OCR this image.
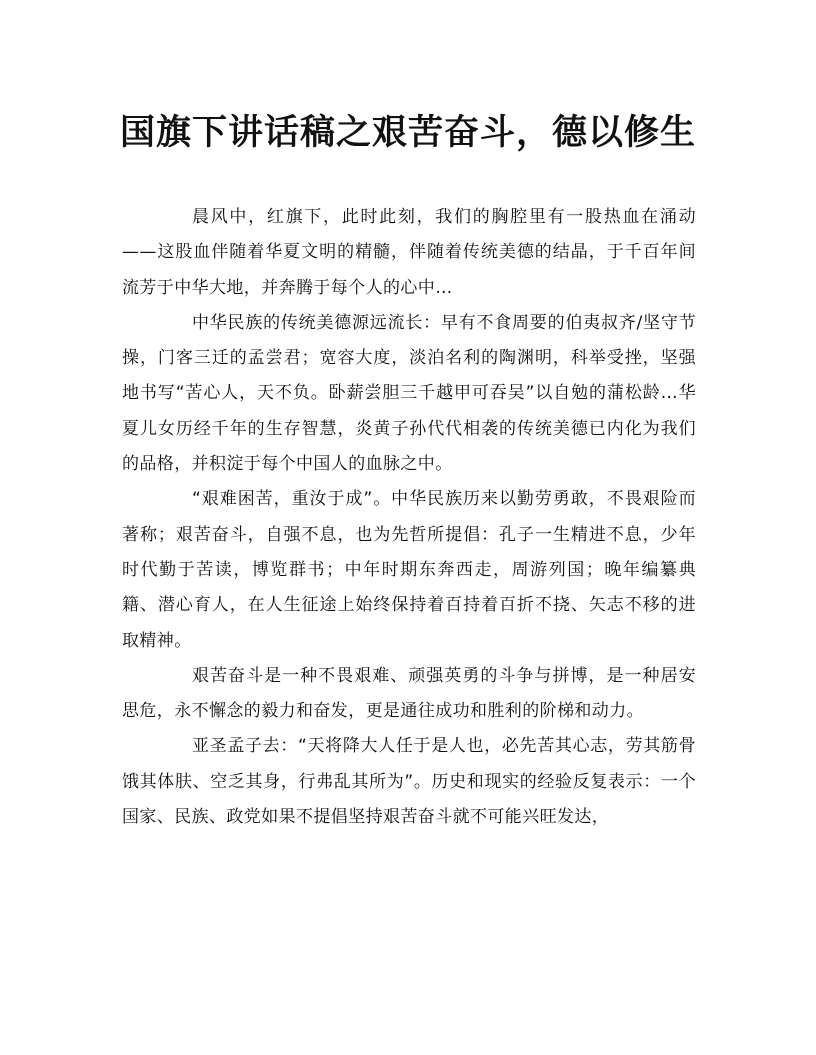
国旗下讲话稿之艰苦奋斗，德以修生

晨风中，红旗下，此时此刻，我们的胸腔里有一股热血在涌动——这股血伴随着华夏文明的精髓，伴随着传统美德的结晶，于千百年间流芳于中华大地，并奔腾于每个人的心中…

中华民族的传统美德源远流长：早有不食周要的伯夷叔齐/坚守节操，门客三迁的孟尝君；宽容大度，淡泊名利的陶渊明，科举受挫，坚强地书写“苦心人，天不负。卧薪尝胆三千越甲可吞吴”以自勉的蒲松龄…华夏儿女历经千年的生存智慧，炎黄子孙代代相袭的传统美德已内化为我们的品格，并积淀于每个中国人的血脉之中。

“艰难困苦，重汝于成”。中华民族历来以勤劳勇敢，不畏艰险而著称；艰苦奋斗，自强不息，也为先哲所提倡：孔子一生精进不息，少年时代勤于苦读，博览群书；中年时期东奔西走，周游列国；晚年编纂典籍、潜心育人，在人生征途上始终保持着百持着百折不挠、矢志不移的进取精神。

艰苦奋斗是一种不畏艰难、顽强英勇的斗争与拼博，是一种居安思危，永不懈念的毅力和奋发，更是通往成功和胜利的阶梯和动力。

亚圣孟子去：“天将降大人任于是人也，必先苦其心志，劳其筋骨饿其体肤、空乏其身，行弗乱其所为”。历史和现实的经验反复表示：一个国家、民族、政党如果不提倡坚持艰苦奋斗就不可能兴旺发达，
